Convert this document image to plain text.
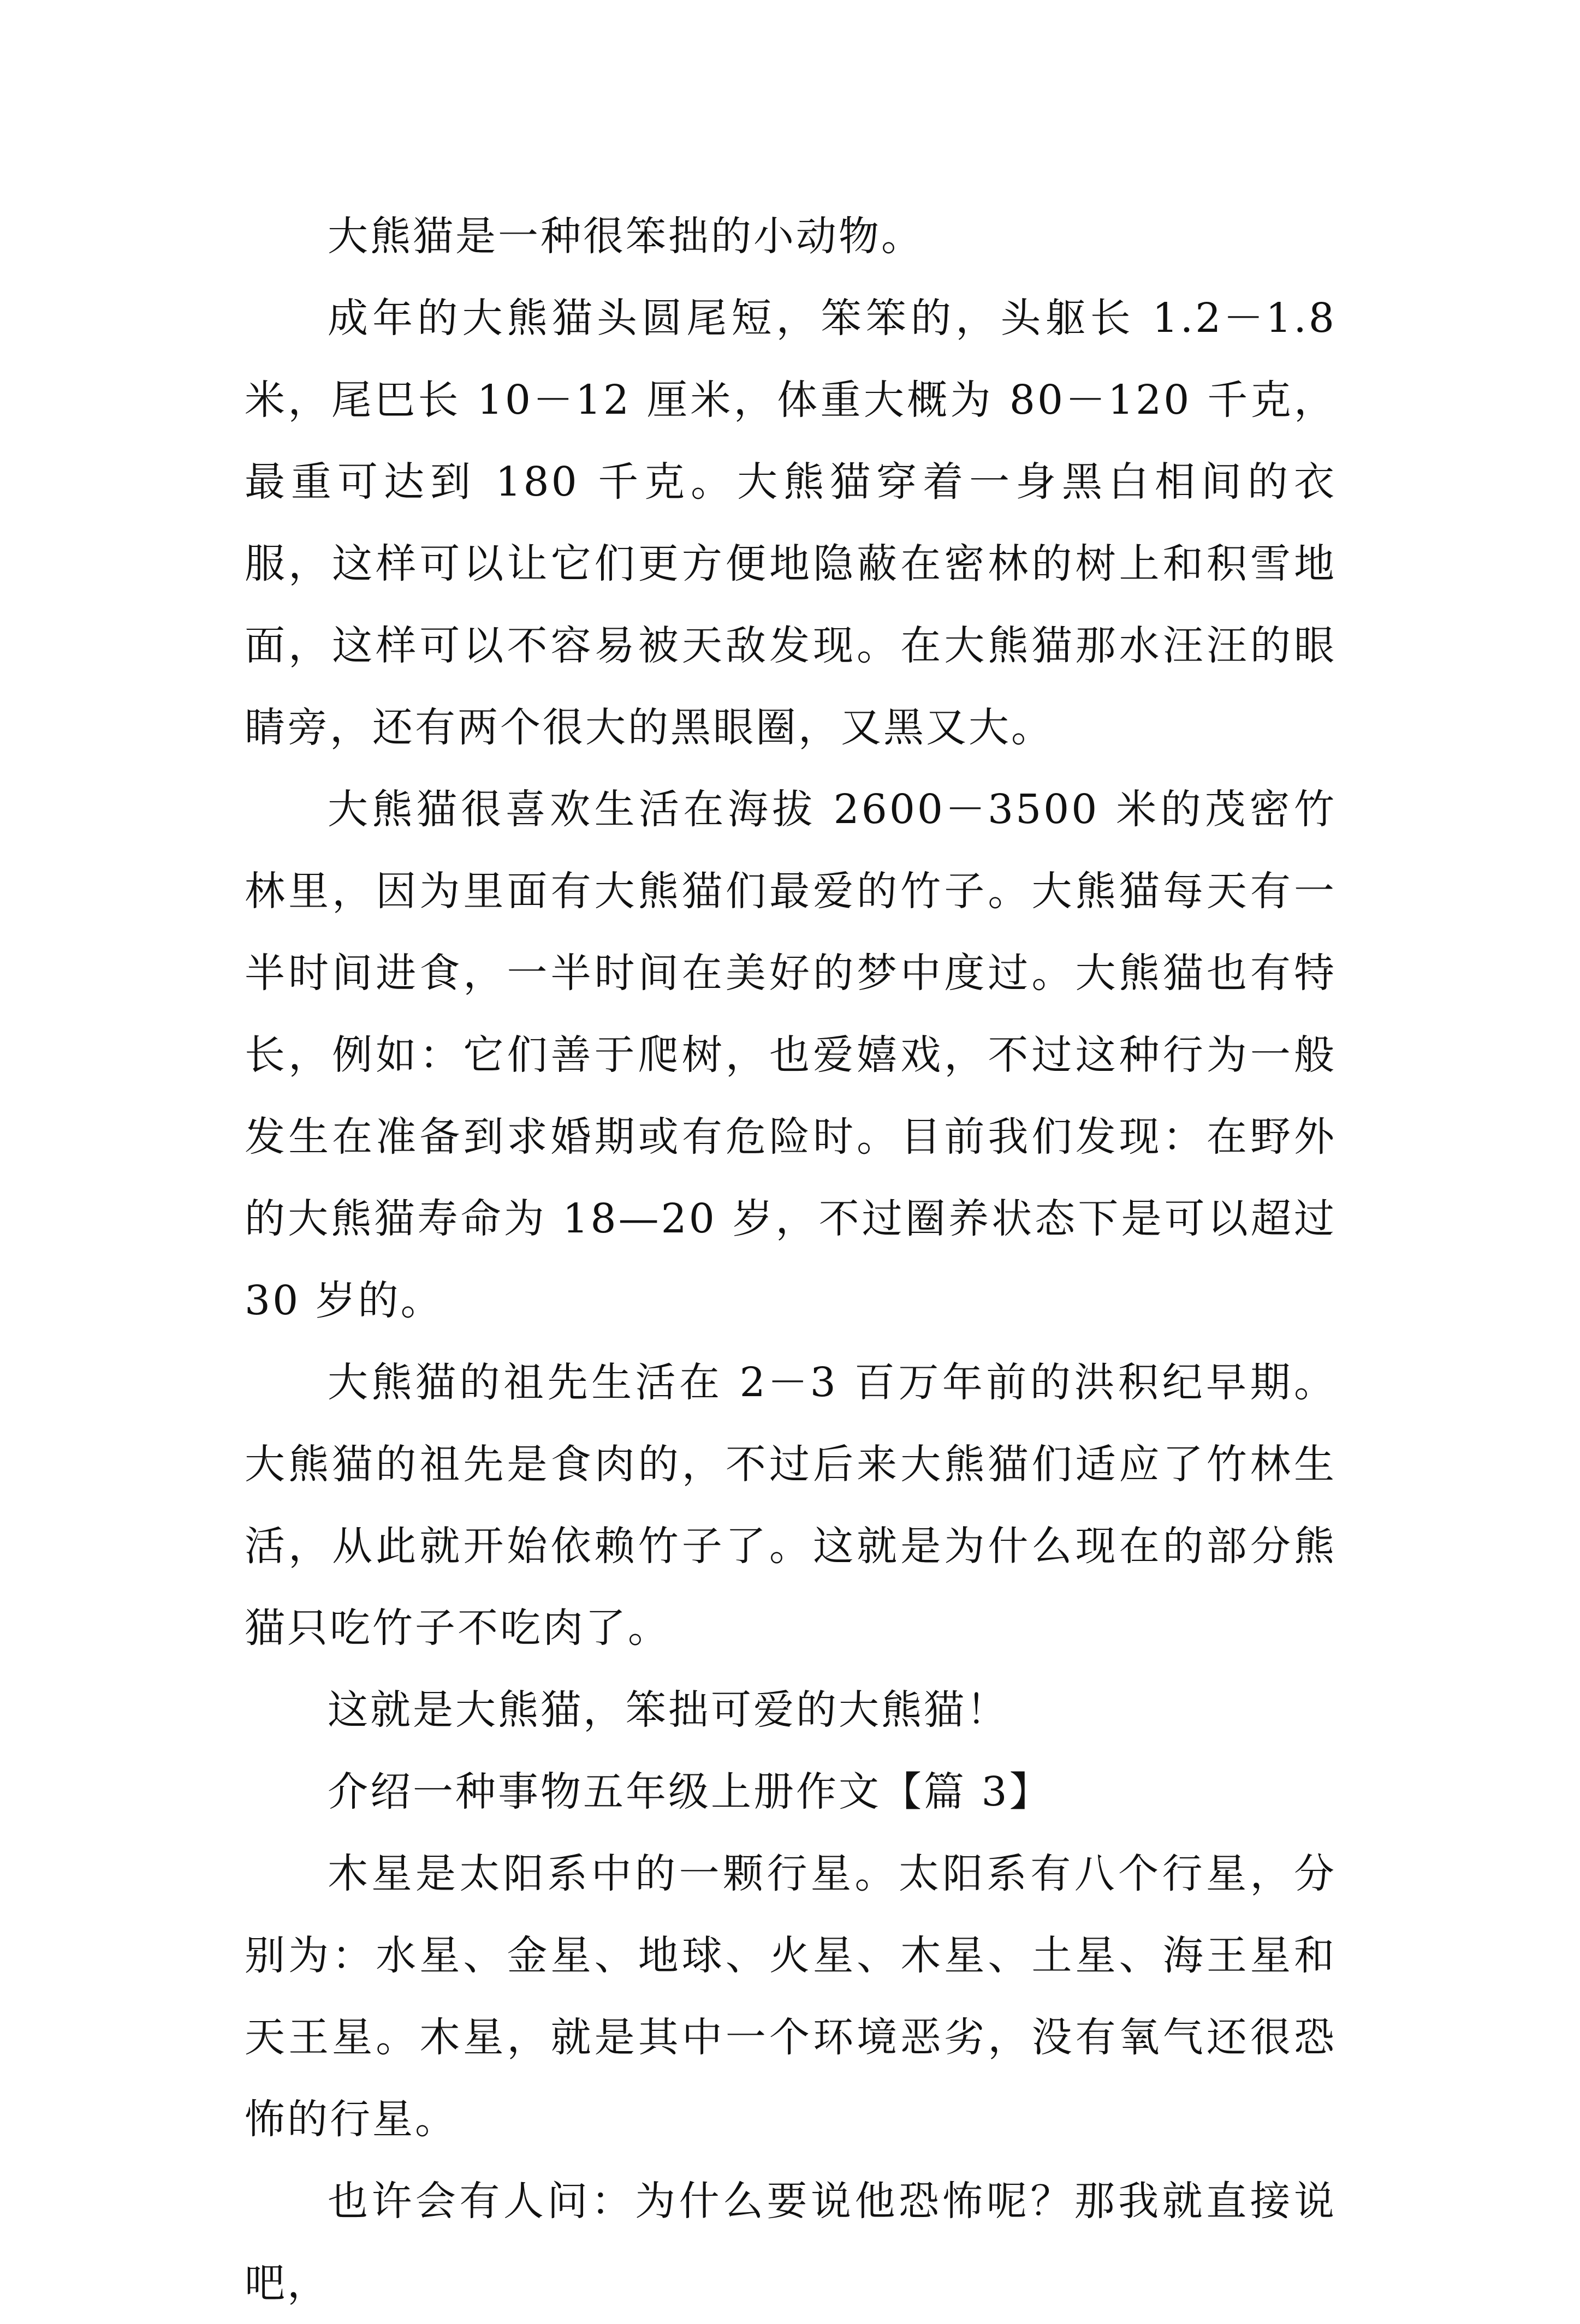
大熊猫是一种很笨拙的小动物。

成年的大熊猫头圆尾短，笨笨的，头躯长 1.2－1.8 米，尾巴长 10－12 厘米，体重大概为 80－120 千克，最重可达到 180 千克。大熊猫穿着一身黑白相间的衣服，这样可以让它们更方便地隐蔽在密林的树上和积雪地面，这样可以不容易被天敌发现。在大熊猫那水汪汪的眼睛旁，还有两个很大的黑眼圈，又黑又大。

大熊猫很喜欢生活在海拔 2600－3500 米的茂密竹林里，因为里面有大熊猫们最爱的竹子。大熊猫每天有一半时间进食，一半时间在美好的梦中度过。大熊猫也有特长，例如：它们善于爬树，也爱嬉戏，不过这种行为一般发生在准备到求婚期或有危险时。目前我们发现：在野外的大熊猫寿命为 18—20 岁，不过圈养状态下是可以超过 30 岁的。

大熊猫的祖先生活在 2－3 百万年前的洪积纪早期。大熊猫的祖先是食肉的，不过后来大熊猫们适应了竹林生活，从此就开始依赖竹子了。这就是为什么现在的部分熊猫只吃竹子不吃肉了。

这就是大熊猫，笨拙可爱的大熊猫！

介绍一种事物五年级上册作文【篇 3】

木星是太阳系中的一颗行星。太阳系有八个行星，分别为：水星、金星、地球、火星、木星、土星、海王星和天王星。木星，就是其中一个环境恶劣，没有氧气还很恐怖的行星。

也许会有人问：为什么要说他恐怖呢？那我就直接说吧，
